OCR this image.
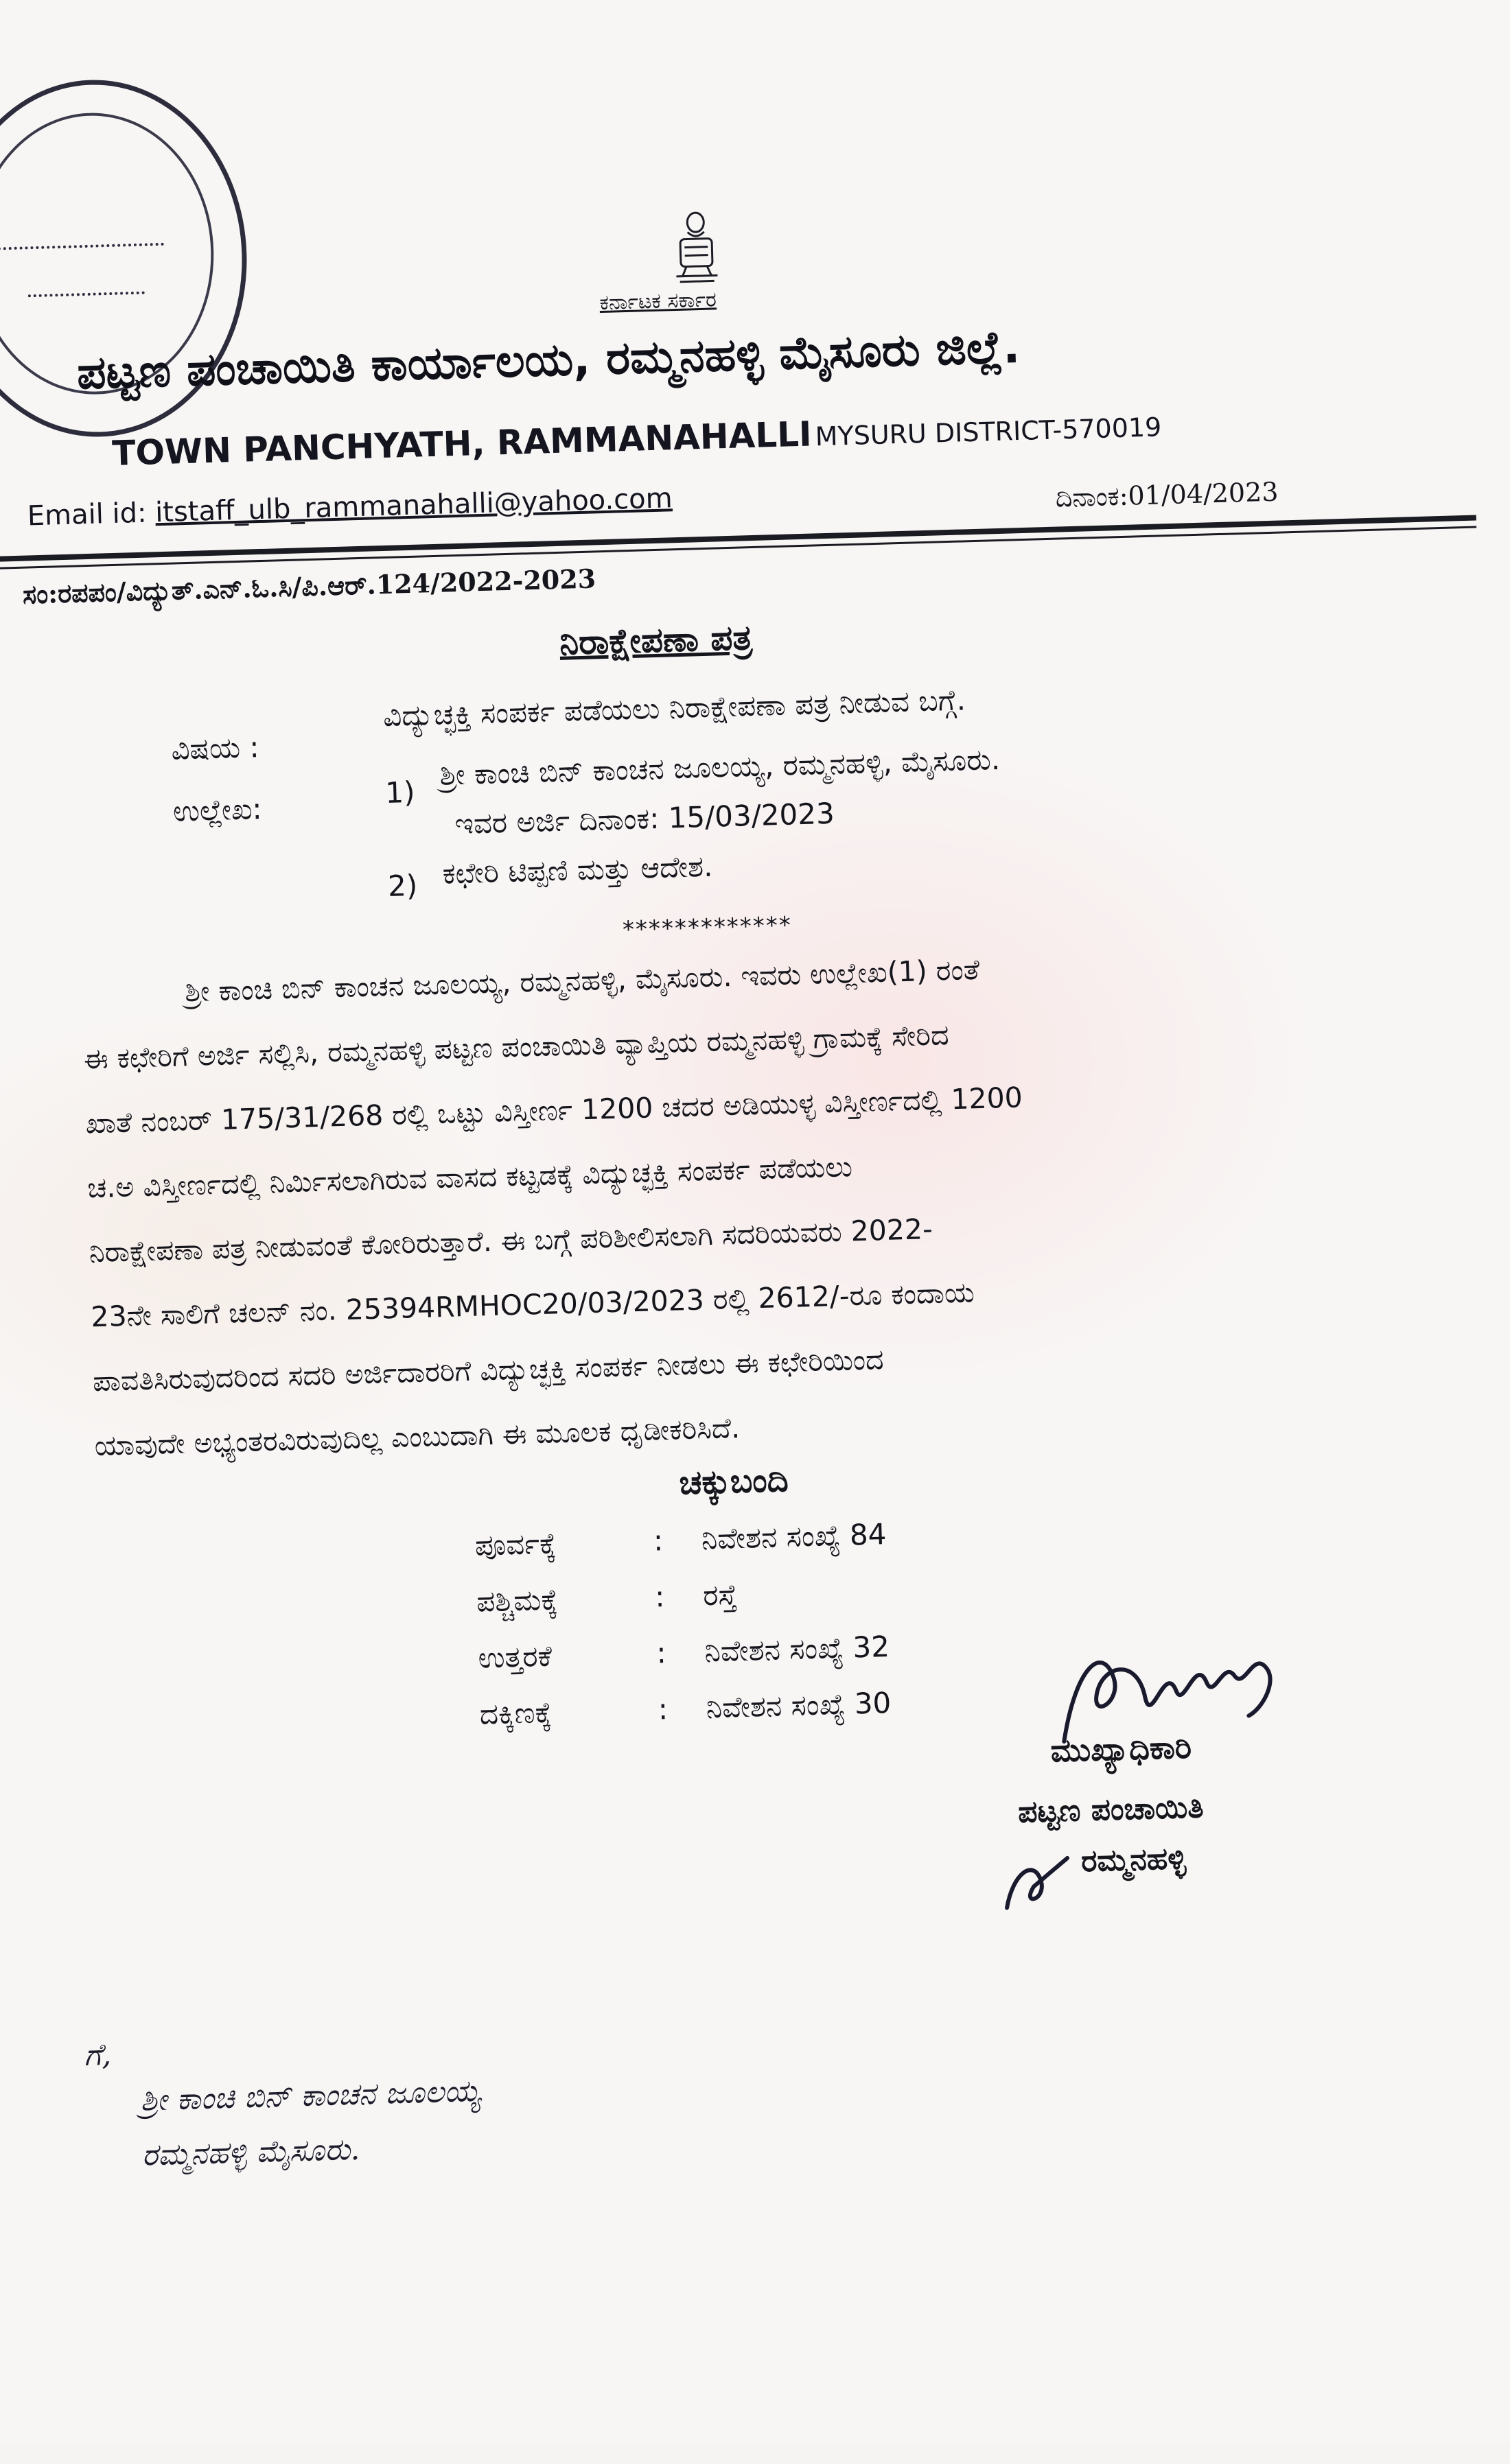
ಕರ್ನಾಟಕ ಸರ್ಕಾರ
ಪಟ್ಟಣ ಪಂಚಾಯಿತಿ ಕಾರ್ಯಾಲಯ, ರಮ್ಮನಹಳ್ಳಿ ಮೈಸೂರು ಜಿಲ್ಲೆ.
TOWN PANCHYATH, RAMMANAHALLI MYSURU DISTRICT-570019
Email id: itstaff_ulb_rammanahalli@yahoo.com	ದಿನಾಂಕ:01/04/2023
ಸಂ:ರಪಪಂ/ವಿದ್ಯುತ್.ಎನ್.ಓ.ಸಿ/ಪಿ.ಆರ್.124/2022-2023
ನಿರಾಕ್ಷೇಪಣಾ ಪತ್ರ
ವಿಷಯ :
ವಿದ್ಯುಚ್ಛಕ್ತಿ ಸಂಪರ್ಕ ಪಡೆಯಲು ನಿರಾಕ್ಷೇಪಣಾ ಪತ್ರ ನೀಡುವ ಬಗ್ಗೆ.
ಉಲ್ಲೇಖ:	1)
ಶ್ರೀ ಕಾಂಚಿ ಬಿನ್ ಕಾಂಚನ ಜೂಲಯ್ಯ, ರಮ್ಮನಹಳ್ಳಿ, ಮೈಸೂರು.
ಇವರ ಅರ್ಜಿ ದಿನಾಂಕ: 15/03/2023
2) ಕಛೇರಿ ಟಿಪ್ಪಣಿ ಮತ್ತು ಆದೇಶ.
*************
ಶ್ರೀ ಕಾಂಚಿ ಬಿನ್ ಕಾಂಚನ ಜೂಲಯ್ಯ, ರಮ್ಮನಹಳ್ಳಿ, ಮೈಸೂರು. ಇವರು ಉಲ್ಲೇಖ(1) ರಂತೆ
ಈ ಕಛೇರಿಗೆ ಅರ್ಜಿ ಸಲ್ಲಿಸಿ, ರಮ್ಮನಹಳ್ಳಿ ಪಟ್ಟಣ ಪಂಚಾಯಿತಿ ವ್ಯಾಪ್ತಿಯ ರಮ್ಮನಹಳ್ಳಿ ಗ್ರಾಮಕ್ಕೆ ಸೇರಿದ
ಖಾತೆ ನಂಬರ್ 175/31/268 ರಲ್ಲಿ ಒಟ್ಟು ವಿಸ್ತೀರ್ಣ 1200 ಚದರ ಅಡಿಯುಳ್ಳ ವಿಸ್ತೀರ್ಣದಲ್ಲಿ 1200
ಚ.ಅ ವಿಸ್ತೀರ್ಣದಲ್ಲಿ ನಿರ್ಮಿಸಲಾಗಿರುವ ವಾಸದ ಕಟ್ಟಡಕ್ಕೆ ವಿದ್ಯುಚ್ಛಕ್ತಿ ಸಂಪರ್ಕ ಪಡೆಯಲು
ನಿರಾಕ್ಷೇಪಣಾ ಪತ್ರ ನೀಡುವಂತೆ ಕೋರಿರುತ್ತಾರೆ. ಈ ಬಗ್ಗೆ ಪರಿಶೀಲಿಸಲಾಗಿ ಸದರಿಯವರು 2022-
23ನೇ ಸಾಲಿಗೆ ಚಲನ್ ನಂ. 25394RMHOC20/03/2023 ರಲ್ಲಿ 2612/-ರೂ ಕಂದಾಯ
ಪಾವತಿಸಿರುವುದರಿಂದ ಸದರಿ ಅರ್ಜಿದಾರರಿಗೆ ವಿದ್ಯುಚ್ಛಕ್ತಿ ಸಂಪರ್ಕ ನೀಡಲು ಈ ಕಛೇರಿಯಿಂದ
ಯಾವುದೇ ಅಭ್ಯಂತರವಿರುವುದಿಲ್ಲ ಎಂಬುದಾಗಿ ಈ ಮೂಲಕ ಧೃಡೀಕರಿಸಿದೆ.
ಚಕ್ಕುಬಂದಿ
ಪೂರ್ವಕ್ಕೆ	: ನಿವೇಶನ ಸಂಖ್ಯೆ 84
ಪಶ್ಚಿಮಕ್ಕೆ	: ರಸ್ತೆ
ಉತ್ತರಕೆ	: ನಿವೇಶನ ಸಂಖ್ಯೆ 32
ದಕ್ಕಿಣಕ್ಕೆ	: ನಿವೇಶನ ಸಂಖ್ಯೆ 30
ಮುಖ್ಯಾಧಿಕಾರಿ
ಪಟ್ಟಣ ಪಂಚಾಯಿತಿ
ರಮ್ಮನಹಳ್ಳಿ
ಗೆ,
ಶ್ರೀ ಕಾಂಚಿ ಬಿನ್ ಕಾಂಚನ ಜೂಲಯ್ಯ
ರಮ್ಮನಹಳ್ಳಿ ಮೈಸೂರು.
